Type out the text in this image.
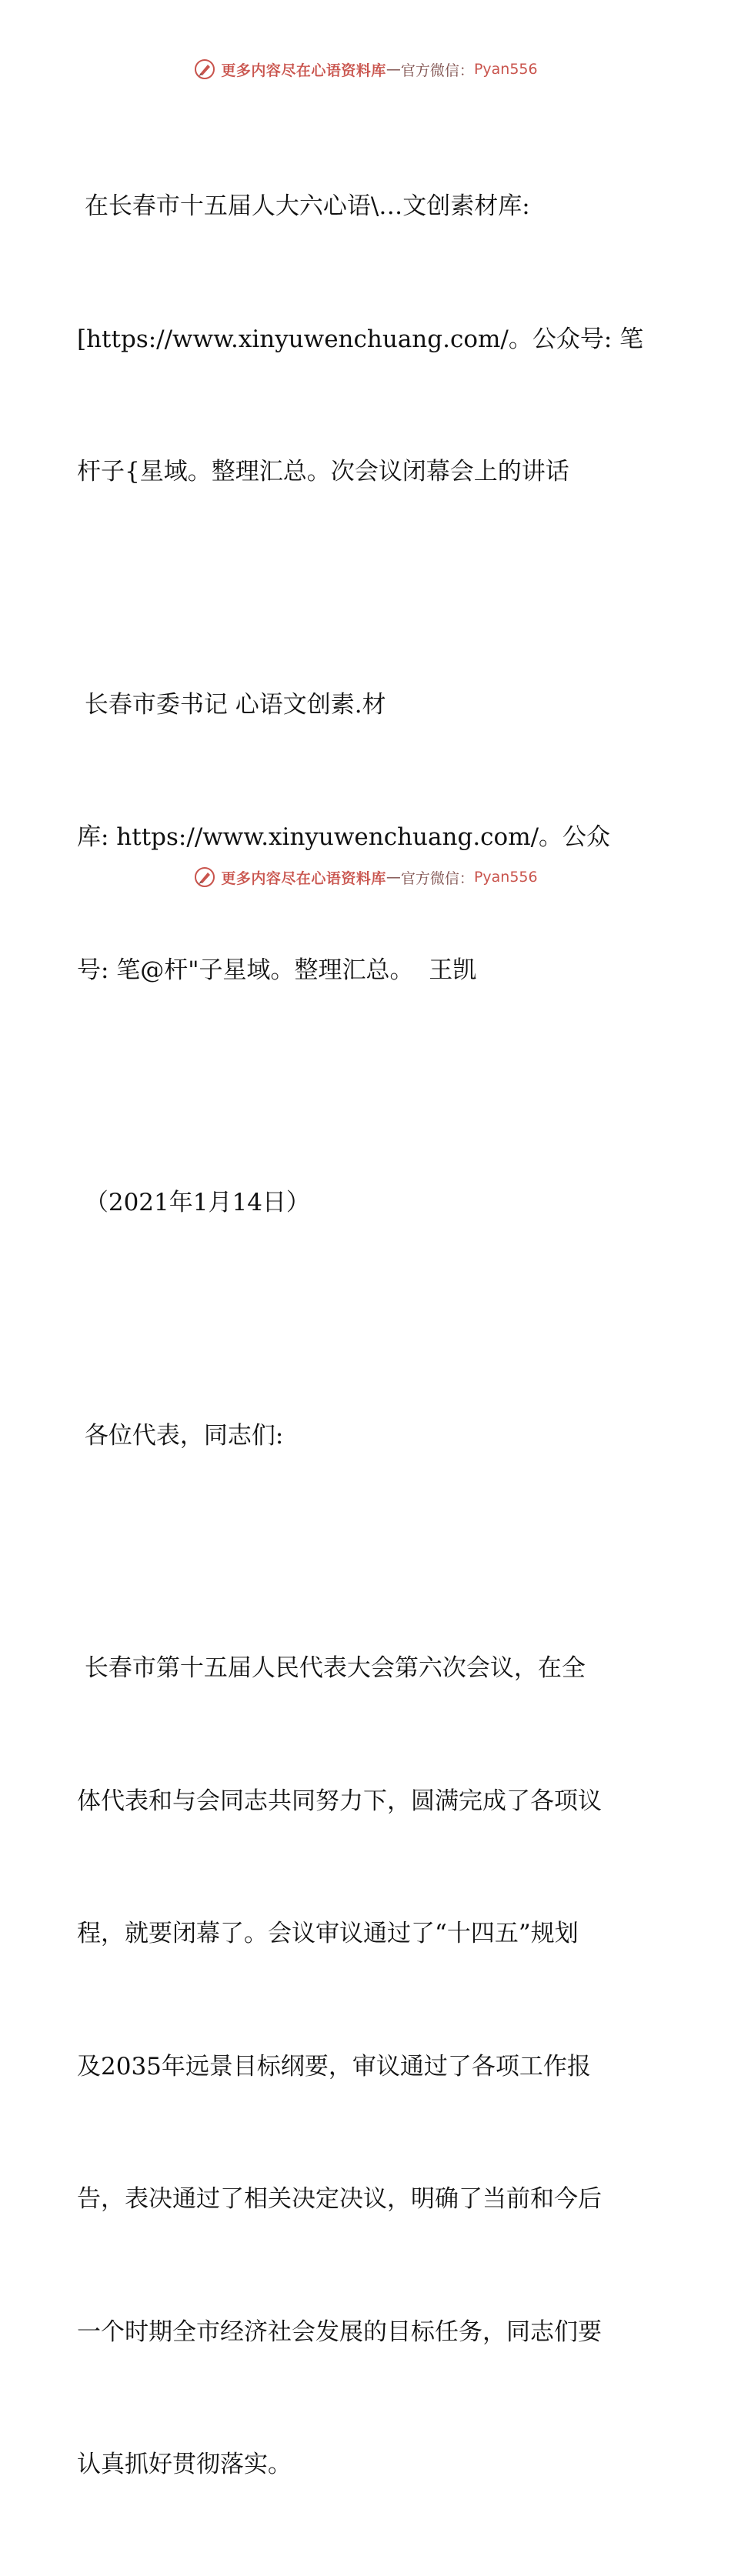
更多内容尽在心语资料库 — 官方微信： Pyan556

在长春市十五届人大六心语\…文创素材库:

[https://www.xinyuwenchuang.com/。公众号: 笔

杆子{星域。整理汇总。次会议闭幕会上的讲话

长春市委书记 心语文创素.材

库: https://www.xinyuwenchuang.com/。公众

号: 笔@杆"子星域。整理汇总。  王凯

（2021年1月14日）

各位代表，同志们:

长春市第十五届人民代表大会第六次会议，在全

体代表和与会同志共同努力下，圆满完成了各项议

程，就要闭幕了。会议审议通过了“十四五”规划

及2035年远景目标纲要，审议通过了各项工作报

告，表决通过了相关决定决议，明确了当前和今后

一个时期全市经济社会发展的目标任务，同志们要

认真抓好贯彻落实。

更多内容尽在心语资料库 — 官方微信： Pyan556
